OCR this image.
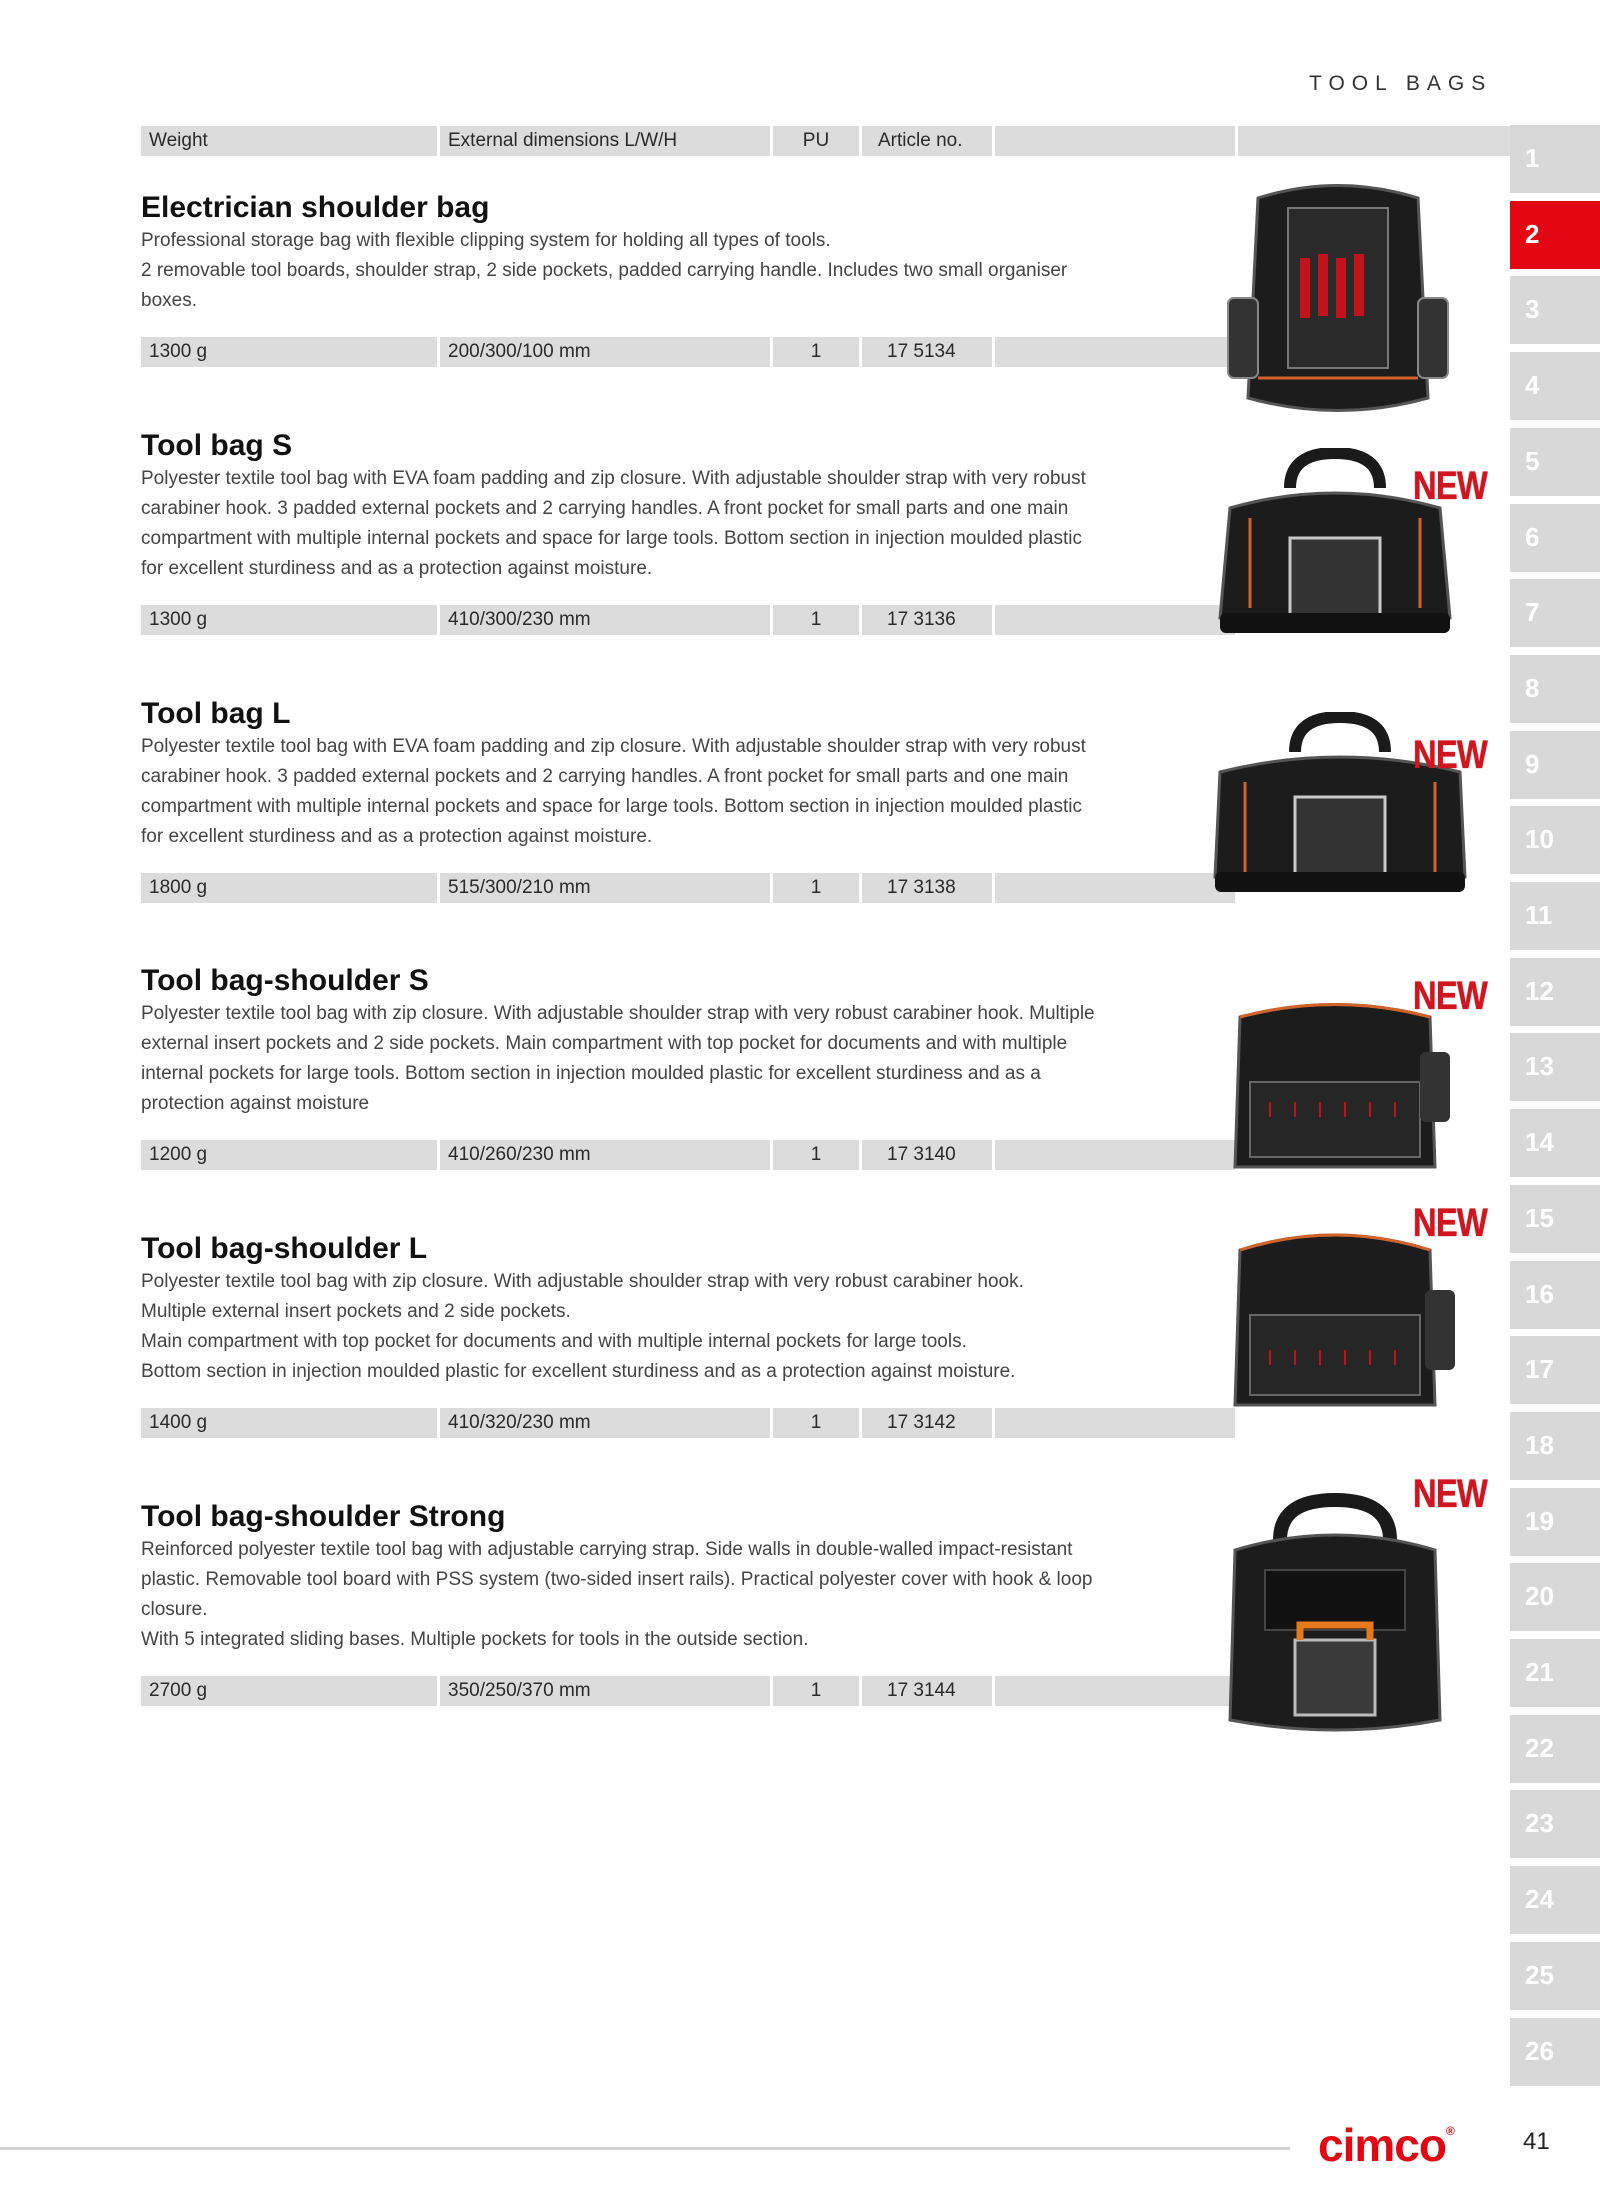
TOOL BAGS
Weight	External dimensions L/W/H	PU	Article no.
Electrician shoulder bag

Professional storage bag with flexible clipping system for holding all types of tools.

2 removable tool boards, shoulder strap, 2 side pockets, padded carrying handle. Includes two small organiser boxes.

1300 g	200/300/100 mm	1	17 5134
Tool bag S

Polyester textile tool bag with EVA foam padding and zip closure. With adjustable shoulder strap with very robust carabiner hook. 3 padded external pockets and 2 carrying handles. A front pocket for small parts and one main compartment with multiple internal pockets and space for large tools. Bottom section in injection moulded plastic for excellent sturdiness and as a protection against moisture.

1300 g	410/300/230 mm	1	17 3136
Tool bag L

Polyester textile tool bag with EVA foam padding and zip closure. With adjustable shoulder strap with very robust carabiner hook. 3 padded external pockets and 2 carrying handles. A front pocket for small parts and one main compartment with multiple internal pockets and space for large tools. Bottom section in injection moulded plastic for excellent sturdiness and as a protection against moisture.

1800 g	515/300/210 mm	1	17 3138
Tool bag-shoulder S

Polyester textile tool bag with zip closure. With adjustable shoulder strap with very robust carabiner hook. Multiple external insert pockets and 2 side pockets. Main compartment with top pocket for documents and with multiple internal pockets for large tools. Bottom section in injection moulded plastic for excellent sturdiness and as a protection against moisture

1200 g	410/260/230 mm	1	17 3140
Tool bag-shoulder L

Polyester textile tool bag with zip closure. With adjustable shoulder strap with very robust carabiner hook.

Multiple external insert pockets and 2 side pockets.

Main compartment with top pocket for documents and with multiple internal pockets for large tools.

Bottom section in injection moulded plastic for excellent sturdiness and as a protection against moisture.

1400 g	410/320/230 mm	1	17 3142
Tool bag-shoulder Strong

Reinforced polyester textile tool bag with adjustable carrying strap. Side walls in double-walled impact-resistant plastic. Removable tool board with PSS system (two-sided insert rails). Practical polyester cover with hook & loop closure.

With 5 integrated sliding bases. Multiple pockets for tools in the outside section.

2700 g	350/250/370 mm	1	17 3144
NEW
NEW
NEW
NEW
NEW
1
2
3
4
5
6
7
8
9
10
11
12
13
14
15
16
17
18
19
20
21
22
23
24
25
26
cimco®	41
